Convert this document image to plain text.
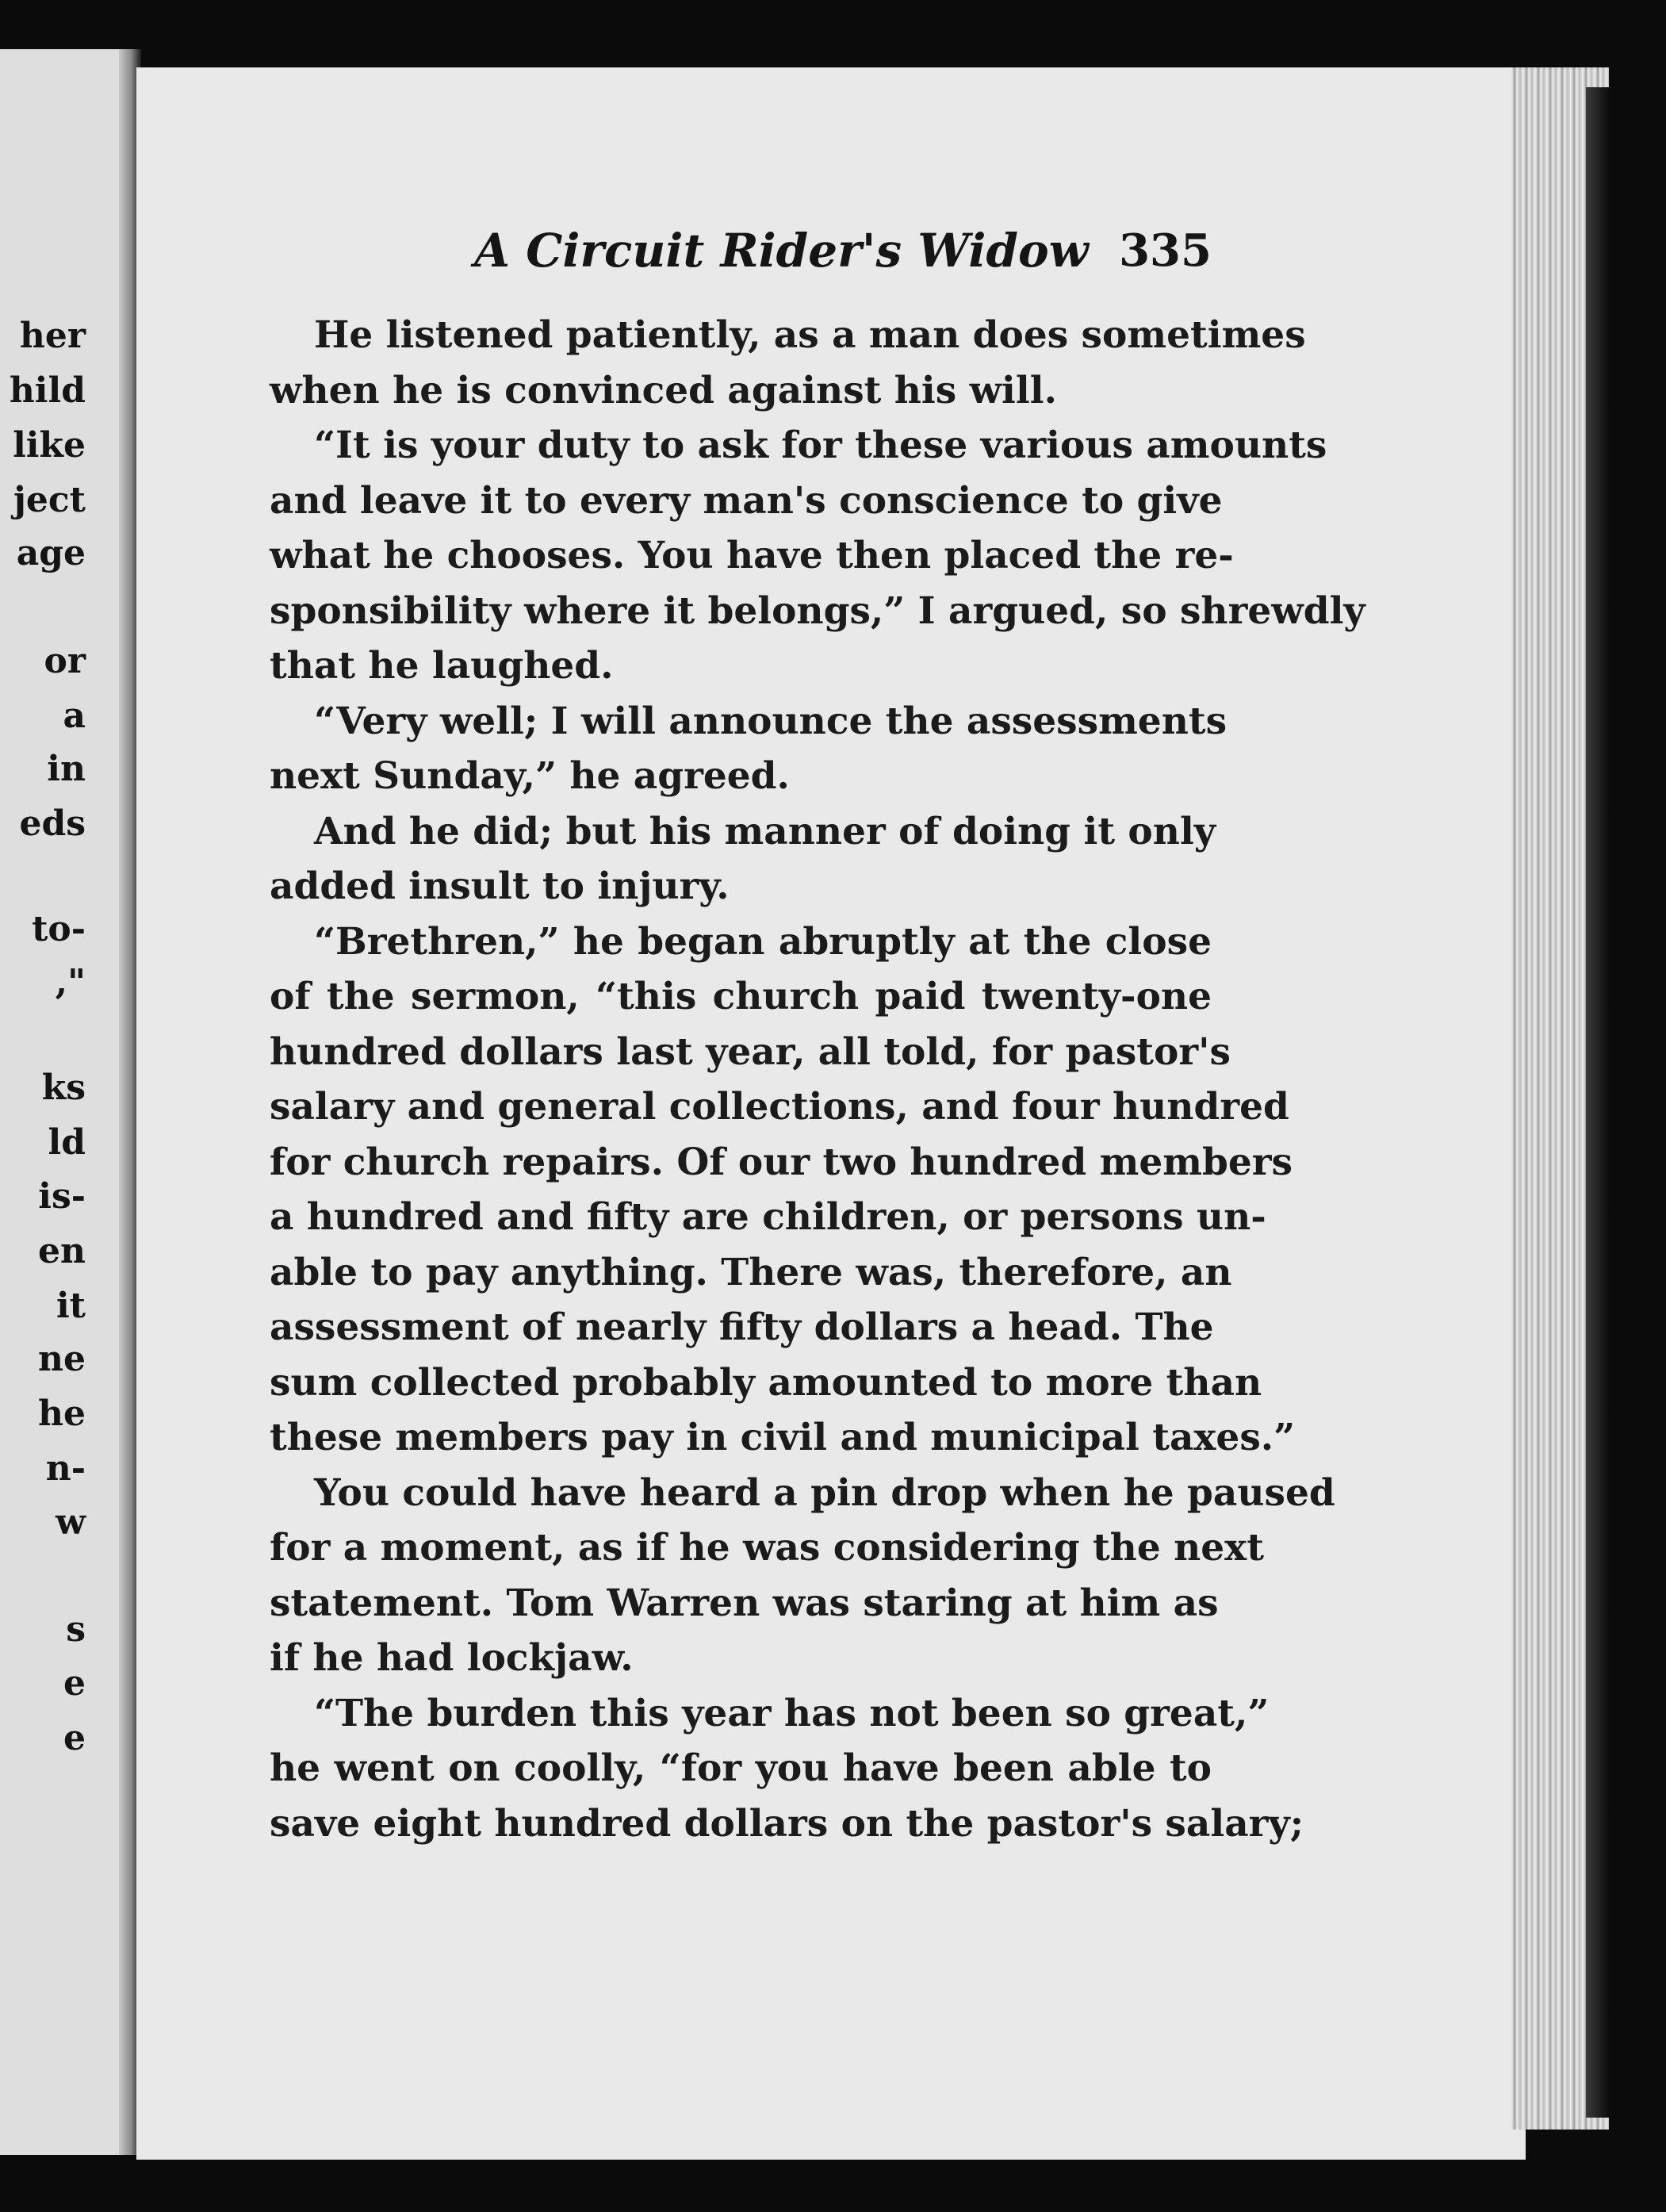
her
hild
like
ject
age
or
a
in
eds
to-
,"
ks
ld
is-
en
it
ne
he
n-
w
s
e
e
A Circuit Rider's Widow 335
He listened patiently, as a man does sometimes
when he is convinced against his will.
“It is your duty to ask for these various amounts
and leave it to every man's conscience to give
what he chooses. You have then placed the re-
sponsibility where it belongs,” I argued, so shrewdly
that he laughed.
“Very well; I will announce the assessments
next Sunday,” he agreed.
And he did; but his manner of doing it only
added insult to injury.
“Brethren,” he began abruptly at the close
of the sermon, “this church paid twenty-one
hundred dollars last year, all told, for pastor's
salary and general collections, and four hundred
for church repairs. Of our two hundred members
a hundred and fifty are children, or persons un-
able to pay anything. There was, therefore, an
assessment of nearly fifty dollars a head. The
sum collected probably amounted to more than
these members pay in civil and municipal taxes.”
You could have heard a pin drop when he paused
for a moment, as if he was considering the next
statement. Tom Warren was staring at him as
if he had lockjaw.
“The burden this year has not been so great,”
he went on coolly, “for you have been able to
save eight hundred dollars on the pastor's salary;
